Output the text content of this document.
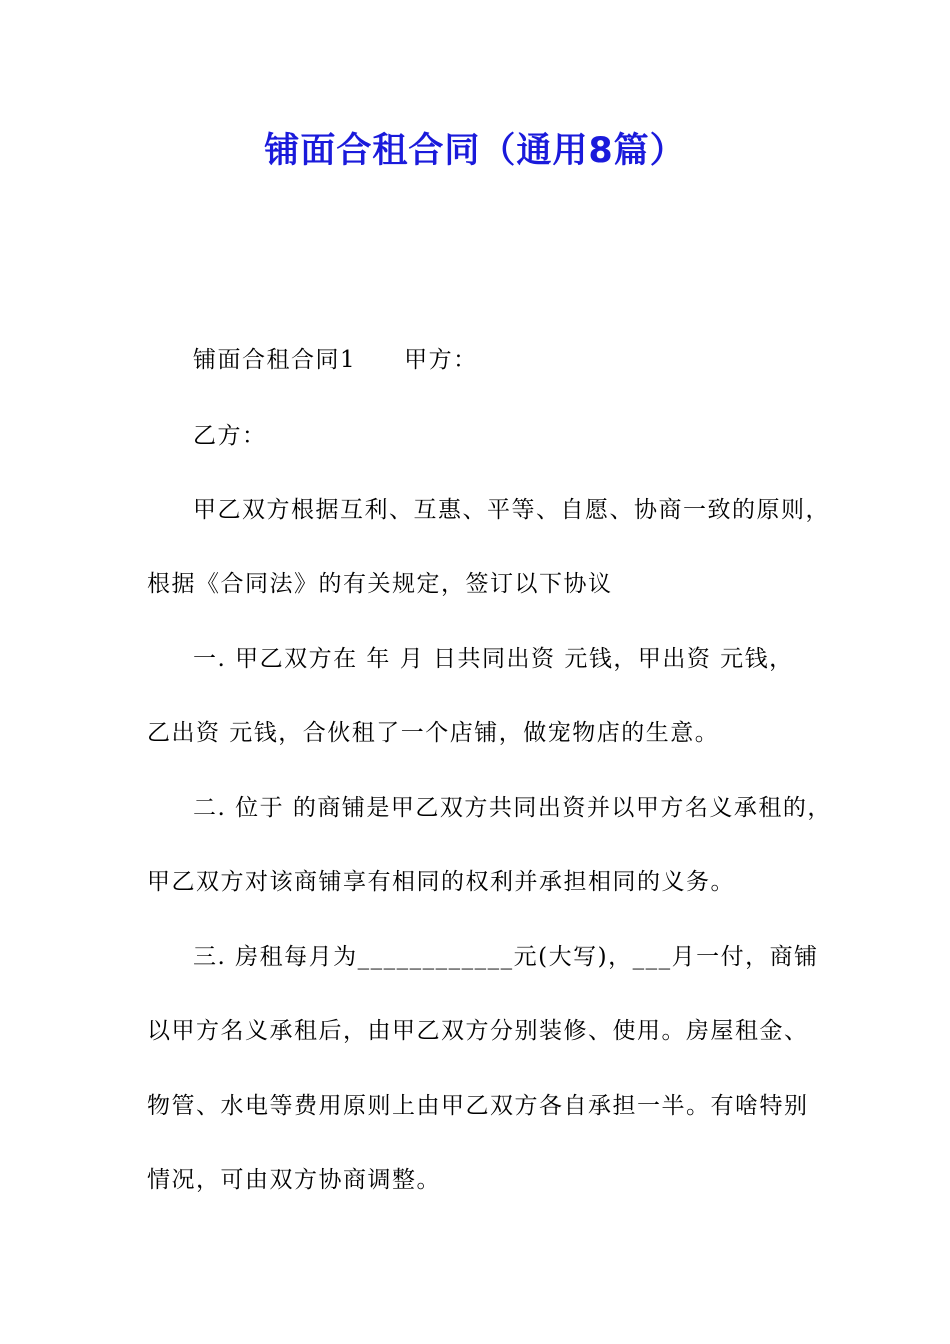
铺面合租合同（通用8篇）
铺面合租合同1 甲方：
乙方：
甲乙双方根据互利、互惠、平等、自愿、协商一致的原则，
根据《合同法》的有关规定，签订以下协议
一. 甲乙双方在 年 月 日共同出资 元钱，甲出资 元钱，
乙出资 元钱，合伙租了一个店铺，做宠物店的生意。
二. 位于 的商铺是甲乙双方共同出资并以甲方名义承租的，
甲乙双方对该商铺享有相同的权利并承担相同的义务。
三. 房租每月为____________元(大写)，___月一付，商铺
以甲方名义承租后，由甲乙双方分别装修、使用。房屋租金、
物管、水电等费用原则上由甲乙双方各自承担一半。有啥特别
情况，可由双方协商调整。
